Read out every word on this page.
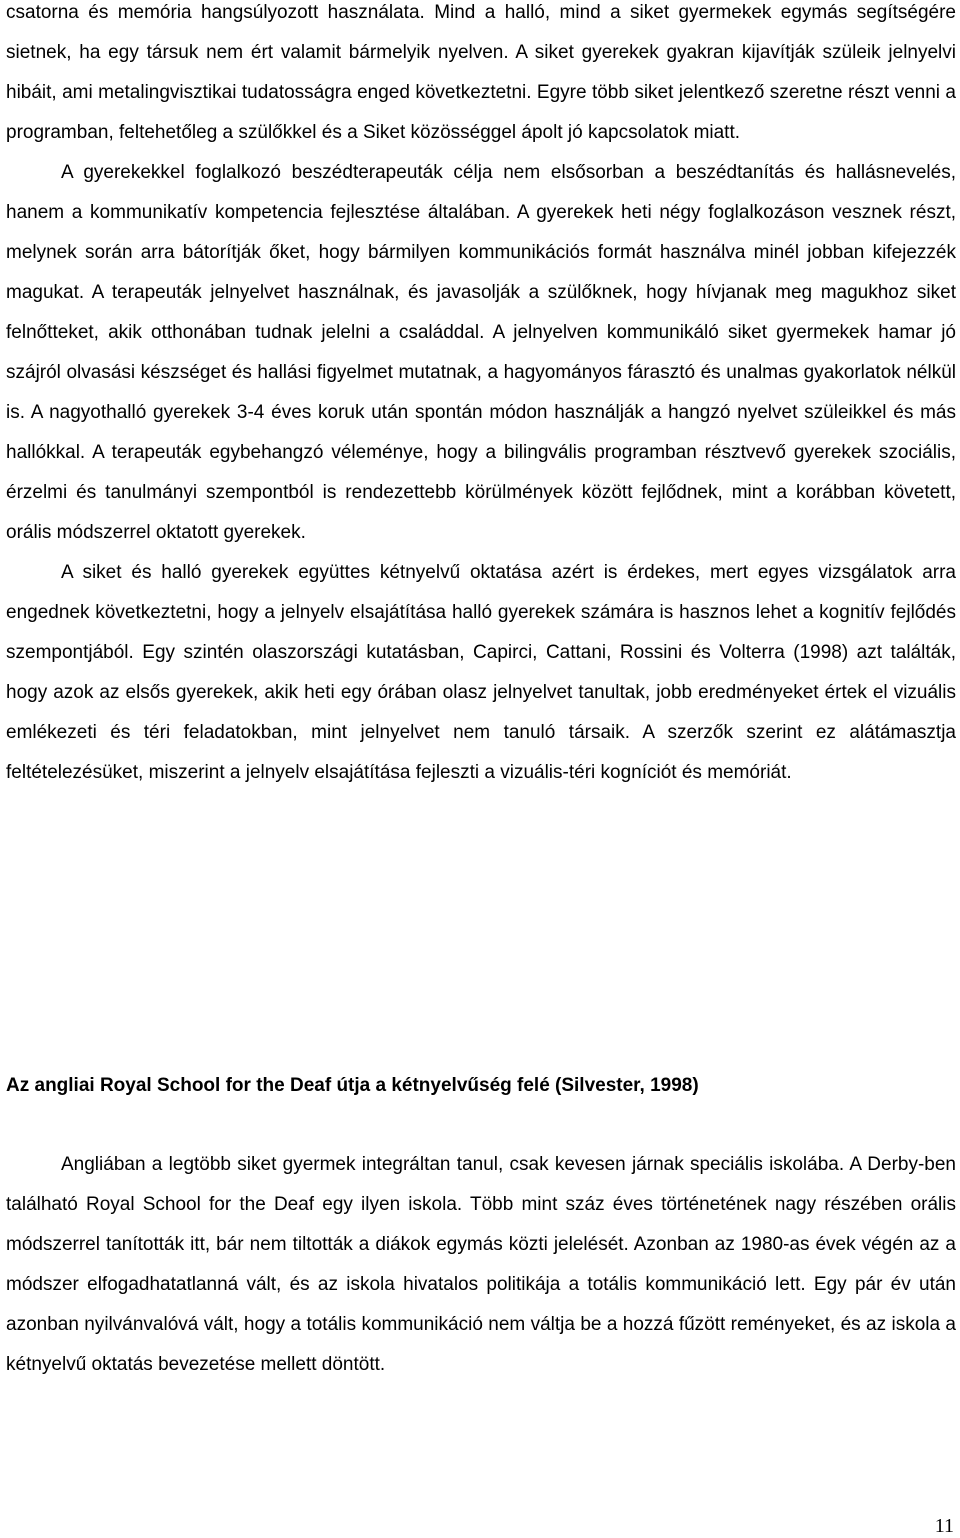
csatorna és memória hangsúlyozott használata. Mind a halló, mind a siket gyermekek egymás segítségére sietnek, ha egy társuk nem ért valamit bármelyik nyelven. A siket gyerekek gyakran kijavítják szüleik jelnyelvi hibáit, ami metalingvisztikai tudatosságra enged következtetni. Egyre több siket jelentkező szeretne részt venni a programban, feltehetőleg a szülőkkel és a Siket közösséggel ápolt jó kapcsolatok miatt.

A gyerekekkel foglalkozó beszédterapeuták célja nem elsősorban a beszédtanítás és hallásnevelés, hanem a kommunikatív kompetencia fejlesztése általában. A gyerekek heti négy foglalkozáson vesznek részt, melynek során arra bátorítják őket, hogy bármilyen kommunikációs formát használva minél jobban kifejezzék magukat. A terapeuták jelnyelvet használnak, és javasolják a szülőknek, hogy hívjanak meg magukhoz siket felnőtteket, akik otthonában tudnak jelelni a családdal. A jelnyelven kommunikáló siket gyermekek hamar jó szájról olvasási készséget és hallási figyelmet mutatnak, a hagyományos fárasztó és unalmas gyakorlatok nélkül is. A nagyothalló gyerekek 3-4 éves koruk után spontán módon használják a hangzó nyelvet szüleikkel és más hallókkal. A terapeuták egybehangzó véleménye, hogy a bilingvális programban résztvevő gyerekek szociális, érzelmi és tanulmányi szempontból is rendezettebb körülmények között fejlődnek, mint a korábban követett, orális módszerrel oktatott gyerekek.

A siket és halló gyerekek együttes kétnyelvű oktatása azért is érdekes, mert egyes vizsgálatok arra engednek következtetni, hogy a jelnyelv elsajátítása halló gyerekek számára is hasznos lehet a kognitív fejlődés szempontjából. Egy szintén olaszországi kutatásban, Capirci, Cattani, Rossini és Volterra (1998) azt találták, hogy azok az elsős gyerekek, akik heti egy órában olasz jelnyelvet tanultak, jobb eredményeket értek el vizuális emlékezeti és téri feladatokban, mint jelnyelvet nem tanuló társaik. A szerzők szerint ez alátámasztja feltételezésüket, miszerint a jelnyelv elsajátítása fejleszti a vizuális-téri kogníciót és memóriát.

Az angliai Royal School for the Deaf útja a kétnyelvűség felé (Silvester, 1998)

Angliában a legtöbb siket gyermek integráltan tanul, csak kevesen járnak speciális iskolába. A Derby-ben található Royal School for the Deaf egy ilyen iskola. Több mint száz éves történetének nagy részében orális módszerrel tanították itt, bár nem tiltották a diákok egymás közti jelelését. Azonban az 1980-as évek végén az a módszer elfogadhatatlanná vált, és az iskola hivatalos politikája a totális kommunikáció lett. Egy pár év után azonban nyilvánvalóvá vált, hogy a totális kommunikáció nem váltja be a hozzá fűzött reményeket, és az iskola a kétnyelvű oktatás bevezetése mellett döntött.

11
